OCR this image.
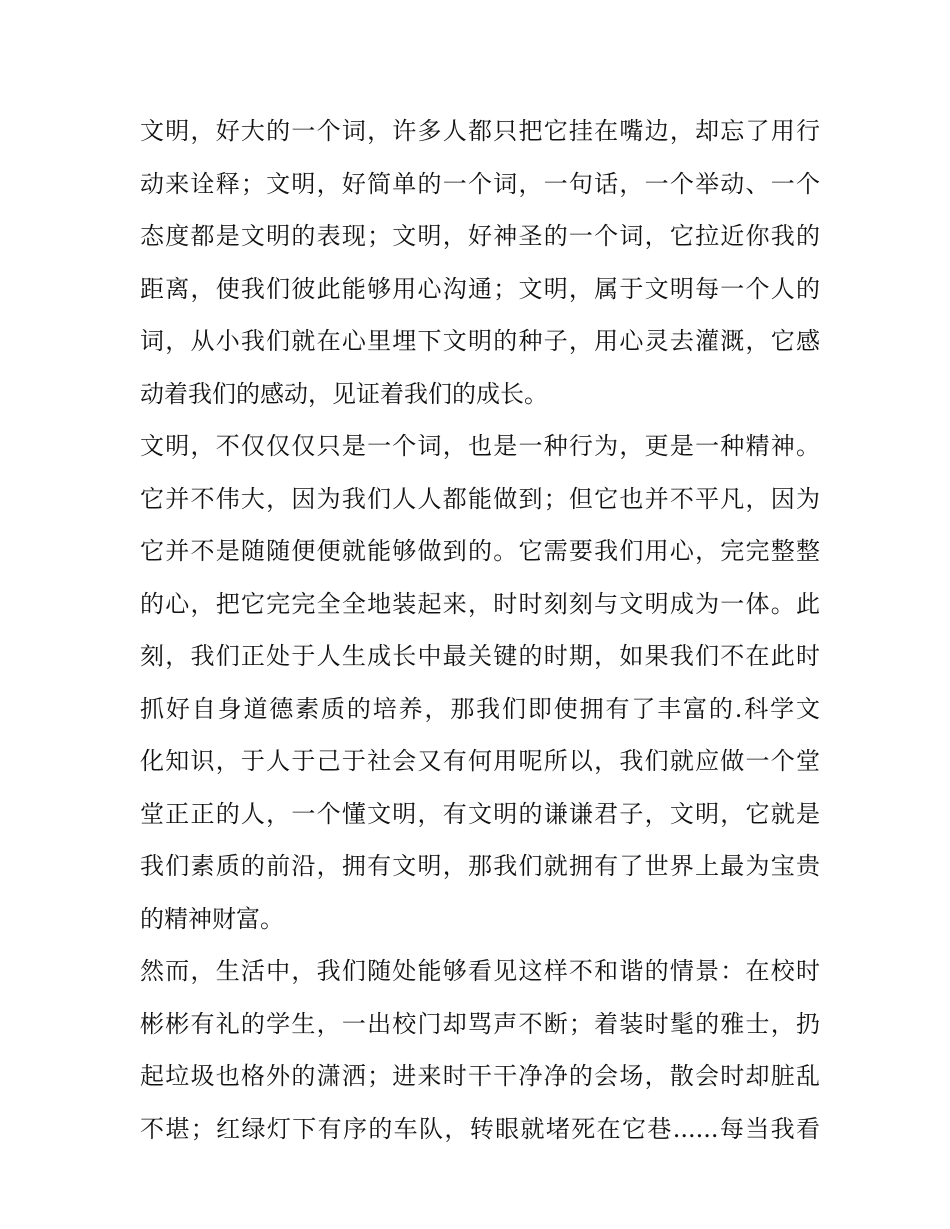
文明，好大的一个词，许多人都只把它挂在嘴边，却忘了用行
动来诠释；文明，好简单的一个词，一句话，一个举动、一个
态度都是文明的表现；文明，好神圣的一个词，它拉近你我的
距离，使我们彼此能够用心沟通；文明，属于文明每一个人的
词，从小我们就在心里埋下文明的种子，用心灵去灌溉，它感
动着我们的感动，见证着我们的成长。
文明，不仅仅仅只是一个词，也是一种行为，更是一种精神。
它并不伟大，因为我们人人都能做到；但它也并不平凡，因为
它并不是随随便便就能够做到的。它需要我们用心，完完整整
的心，把它完完全全地装起来，时时刻刻与文明成为一体。此
刻，我们正处于人生成长中最关键的时期，如果我们不在此时
抓好自身道德素质的培养，那我们即使拥有了丰富的.科学文
化知识，于人于己于社会又有何用呢所以，我们就应做一个堂
堂正正的人，一个懂文明，有文明的谦谦君子，文明，它就是
我们素质的前沿，拥有文明，那我们就拥有了世界上最为宝贵
的精神财富。
然而，生活中，我们随处能够看见这样不和谐的情景：在校时
彬彬有礼的学生，一出校门却骂声不断；着装时髦的雅士，扔
起垃圾也格外的潇洒；进来时干干净净的会场，散会时却脏乱
不堪；红绿灯下有序的车队，转眼就堵死在它巷......每当我看
